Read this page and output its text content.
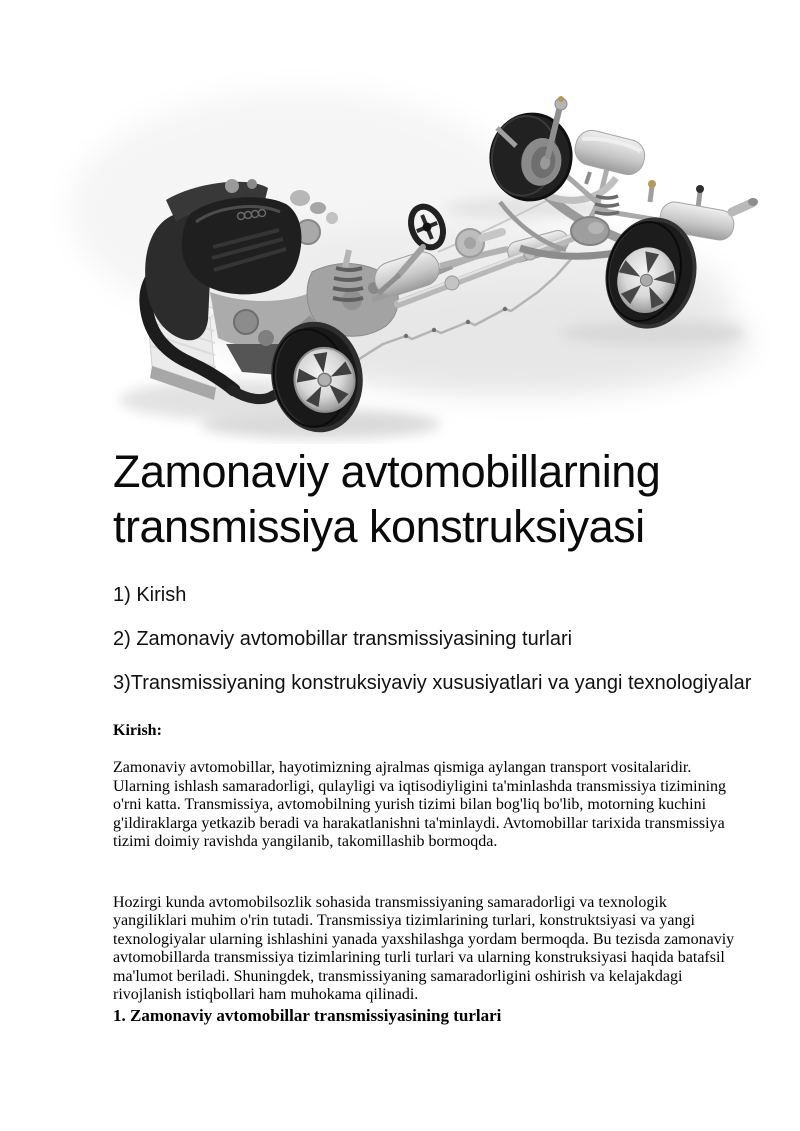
Zamonaviy avtomobillarning transmissiya konstruksiyasi

1) Kirish

2) Zamonaviy avtomobillar transmissiyasining turlari

3)Transmissiyaning konstruksiyaviy xususiyatlari va yangi texnologiyalar

Kirish:

Zamonaviy avtomobillar, hayotimizning ajralmas qismiga aylangan transport vositalaridir. Ularning ishlash samaradorligi, qulayligi va iqtisodiyligini ta'minlashda transmissiya tizimining o'rni katta. Transmissiya, avtomobilning yurish tizimi bilan bog'liq bo'lib, motorning kuchini g'ildiraklarga yetkazib beradi va harakatlanishni ta'minlaydi. Avtomobillar tarixida transmissiya tizimi doimiy ravishda yangilanib, takomillashib bormoqda.

Hozirgi kunda avtomobilsozlik sohasida transmissiyaning samaradorligi va texnologik yangiliklari muhim o'rin tutadi. Transmissiya tizimlarining turlari, konstruktsiyasi va yangi texnologiyalar ularning ishlashini yanada yaxshilashga yordam bermoqda. Bu tezisda zamonaviy avtomobillarda transmissiya tizimlarining turli turlari va ularning konstruksiyasi haqida batafsil ma'lumot beriladi. Shuningdek, transmissiyaning samaradorligini oshirish va kelajakdagi rivojlanish istiqbollari ham muhokama qilinadi.

1. Zamonaviy avtomobillar transmissiyasining turlari
